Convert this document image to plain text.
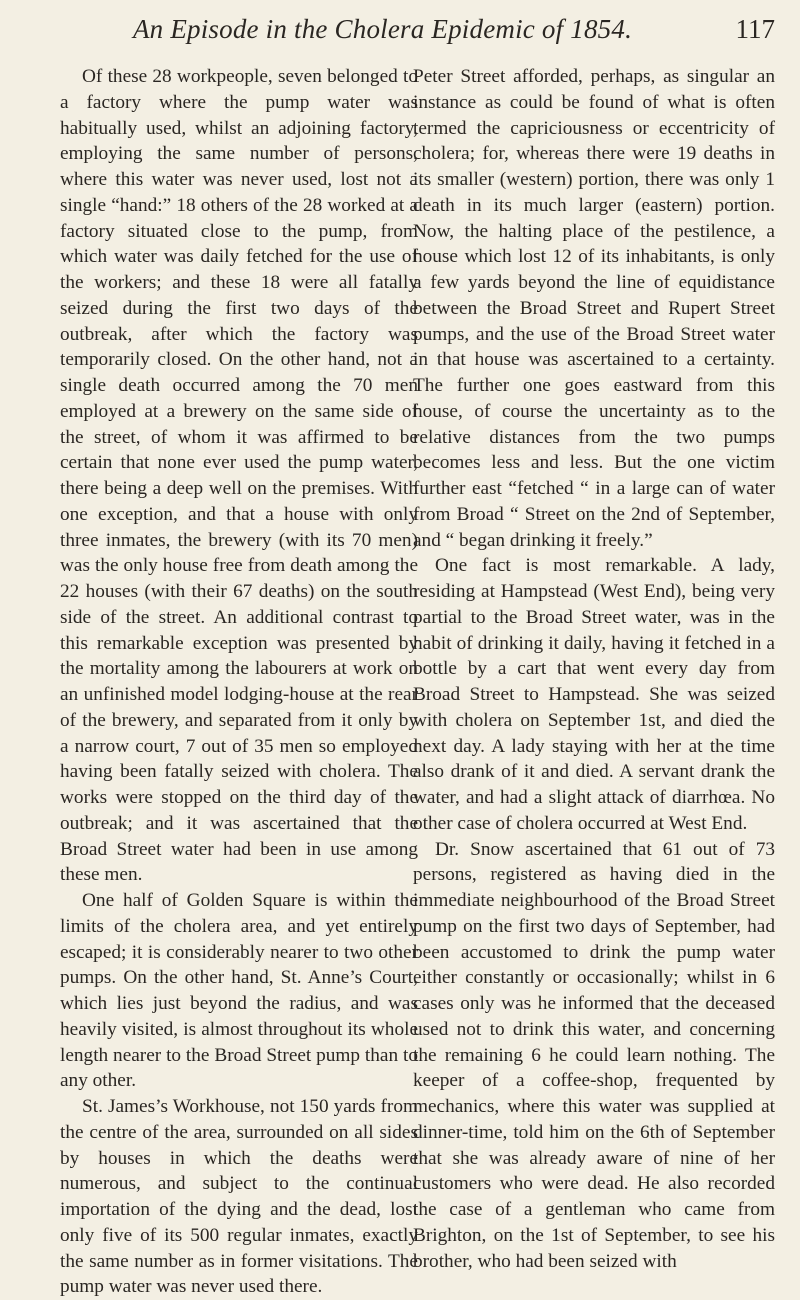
An Episode in the Cholera Epidemic of 1854.	117

Of these 28 workpeople, seven belonged to a factory where the pump water was habitually used, whilst an adjoining factory, employing the same number of persons, where this water was never used, lost not a single “hand:” 18 others of the 28 worked at a factory situated close to the pump, from which water was daily fetched for the use of the workers; and these 18 were all fatally seized during the first two days of the outbreak, after which the factory was temporarily closed. On the other hand, not a single death occurred among the 70 men employed at a brewery on the same side of the street, of whom it was affirmed to be certain that none ever used the pump water, there being a deep well on the premises. With one exception, and that a house with only three inmates, the brewery (with its 70 men) was the only house free from death among the 22 houses (with their 67 deaths) on the south side of the street. An additional contrast to this remarkable exception was presented by the mortality among the labourers at work on an unfinished model lodging-house at the rear of the brewery, and separated from it only by a narrow court, 7 out of 35 men so employed having been fatally seized with cholera. The works were stopped on the third day of the outbreak; and it was ascertained that the Broad Street water had been in use among these men.

One half of Golden Square is within the limits of the cholera area, and yet entirely escaped; it is considerably nearer to two other pumps. On the other hand, St. Anne’s Court, which lies just beyond the radius, and was heavily visited, is almost throughout its whole length nearer to the Broad Street pump than to any other.

St. James’s Workhouse, not 150 yards from the centre of the area, surrounded on all sides by houses in which the deaths were numerous, and subject to the continual importation of the dying and the dead, lost only five of its 500 regular inmates, exactly the same number as in former visitations. The pump water was never used there.

Peter Street afforded, perhaps, as singular an instance as could be found of what is often termed the capriciousness or eccentricity of cholera; for, whereas there were 19 deaths in its smaller (western) portion, there was only 1 death in its much larger (eastern) portion. Now, the halting place of the pestilence, a house which lost 12 of its inhabitants, is only a few yards beyond the line of equidistance between the Broad Street and Rupert Street pumps, and the use of the Broad Street water in that house was ascertained to a certainty. The further one goes eastward from this house, of course the uncertainty as to the relative distances from the two pumps becomes less and less. But the one victim further east “fetched “ in a large can of water from Broad “ Street on the 2nd of September, and “ began drinking it freely.”

One fact is most remarkable. A lady, residing at Hampstead (West End), being very partial to the Broad Street water, was in the habit of drinking it daily, having it fetched in a bottle by a cart that went every day from Broad Street to Hampstead. She was seized with cholera on September 1st, and died the next day. A lady staying with her at the time also drank of it and died. A servant drank the water, and had a slight attack of diarrhœa. No other case of cholera occurred at West End.

Dr. Snow ascertained that 61 out of 73 persons, registered as having died in the immediate neighbourhood of the Broad Street pump on the first two days of September, had been accustomed to drink the pump water either constantly or occasionally; whilst in 6 cases only was he informed that the deceased used not to drink this water, and concerning the remaining 6 he could learn nothing. The keeper of a coffee-shop, frequented by mechanics, where this water was supplied at dinner-time, told him on the 6th of September that she was already aware of nine of her customers who were dead. He also recorded the case of a gentleman who came from Brighton, on the 1st of September, to see his brother, who had been seized with
